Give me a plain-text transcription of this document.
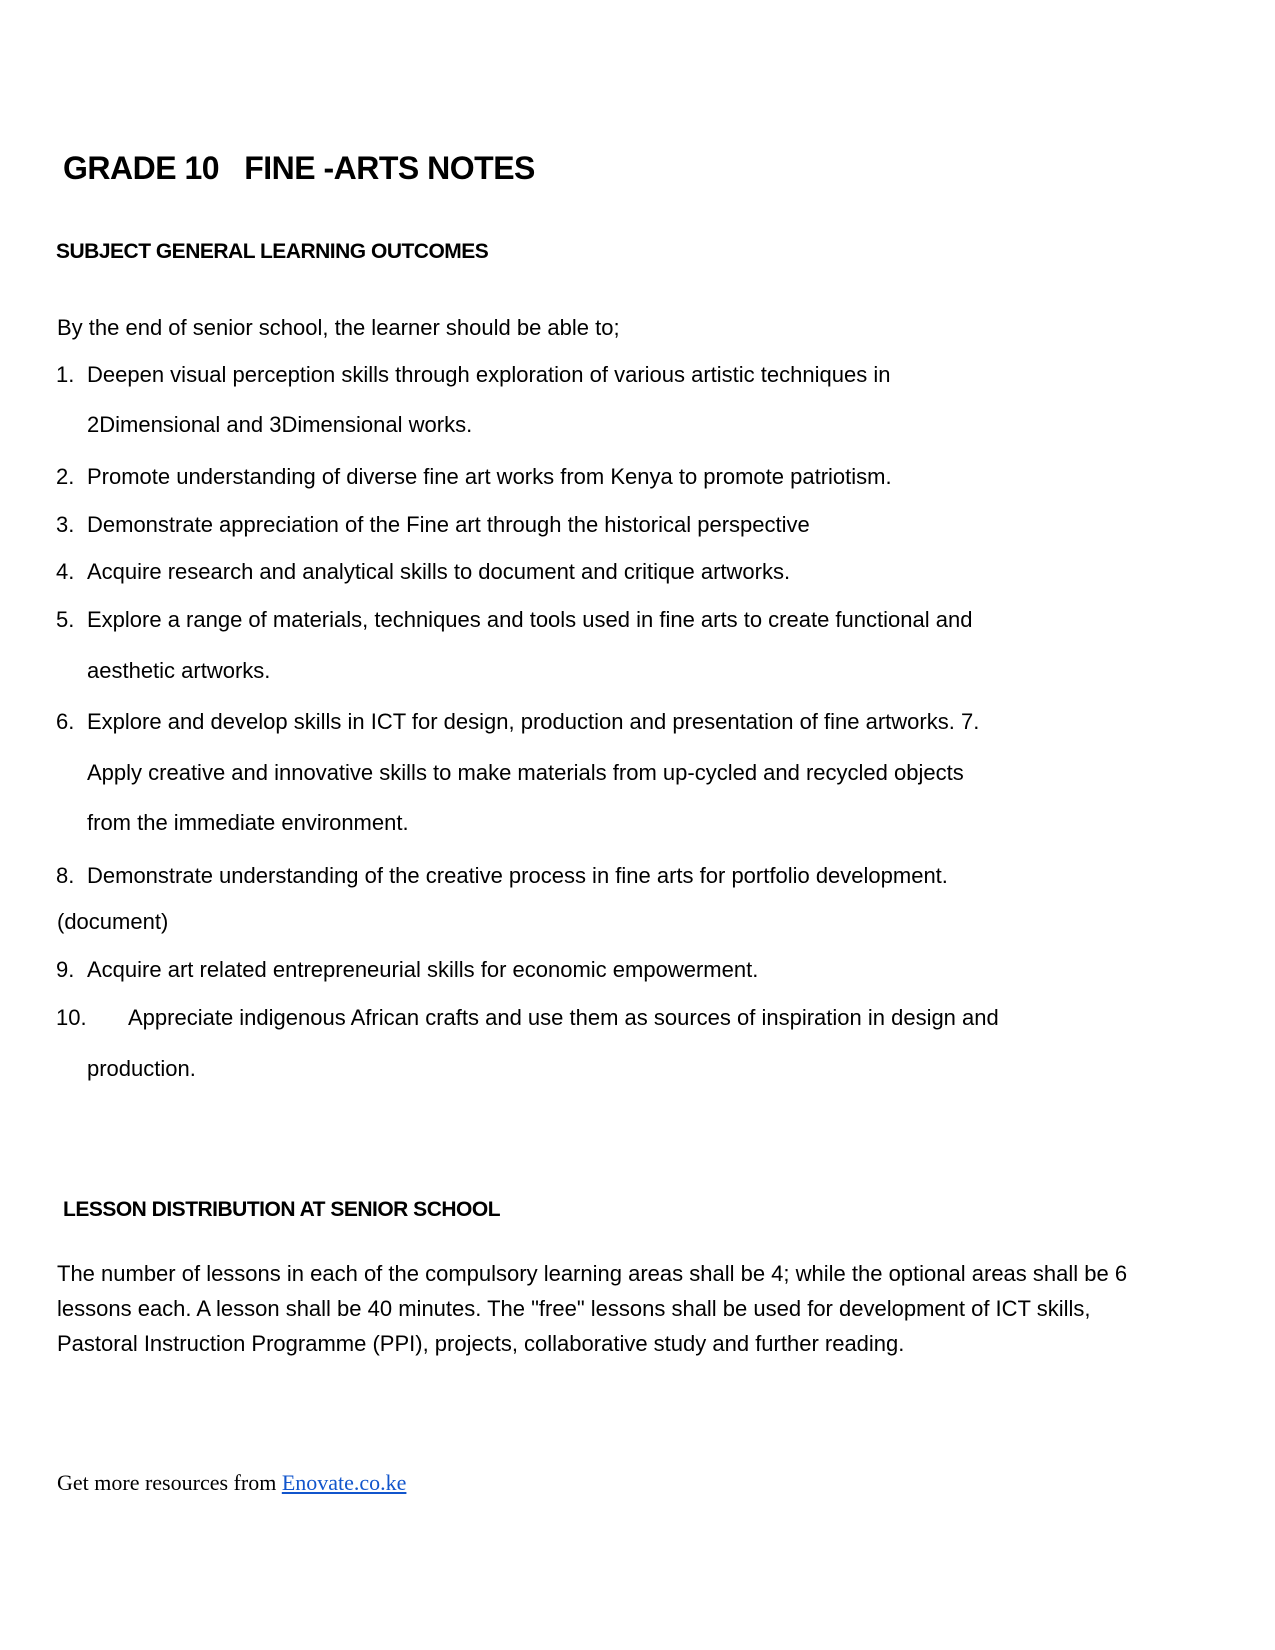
GRADE 10   FINE -ARTS NOTES
SUBJECT GENERAL LEARNING OUTCOMES
By the end of senior school, the learner should be able to;
1. Deepen visual perception skills through exploration of various artistic techniques in
2Dimensional and 3Dimensional works.
2. Promote understanding of diverse fine art works from Kenya to promote patriotism.
3. Demonstrate appreciation of the Fine art through the historical perspective
4. Acquire research and analytical skills to document and critique artworks.
5. Explore a range of materials, techniques and tools used in fine arts to create functional and
aesthetic artworks.
6. Explore and develop skills in ICT for design, production and presentation of fine artworks. 7.
Apply creative and innovative skills to make materials from up-cycled and recycled objects
from the immediate environment.
8. Demonstrate understanding of the creative process in fine arts for portfolio development.
(document)
9. Acquire art related entrepreneurial skills for economic empowerment.
10. Appreciate indigenous African crafts and use them as sources of inspiration in design and
production.
LESSON DISTRIBUTION AT SENIOR SCHOOL
The number of lessons in each of the compulsory learning areas shall be 4; while the optional areas shall be 6 lessons each. A lesson shall be 40 minutes. The "free" lessons shall be used for development of ICT skills, Pastoral Instruction Programme (PPI), projects, collaborative study and further reading.
Get more resources from Enovate.co.ke
